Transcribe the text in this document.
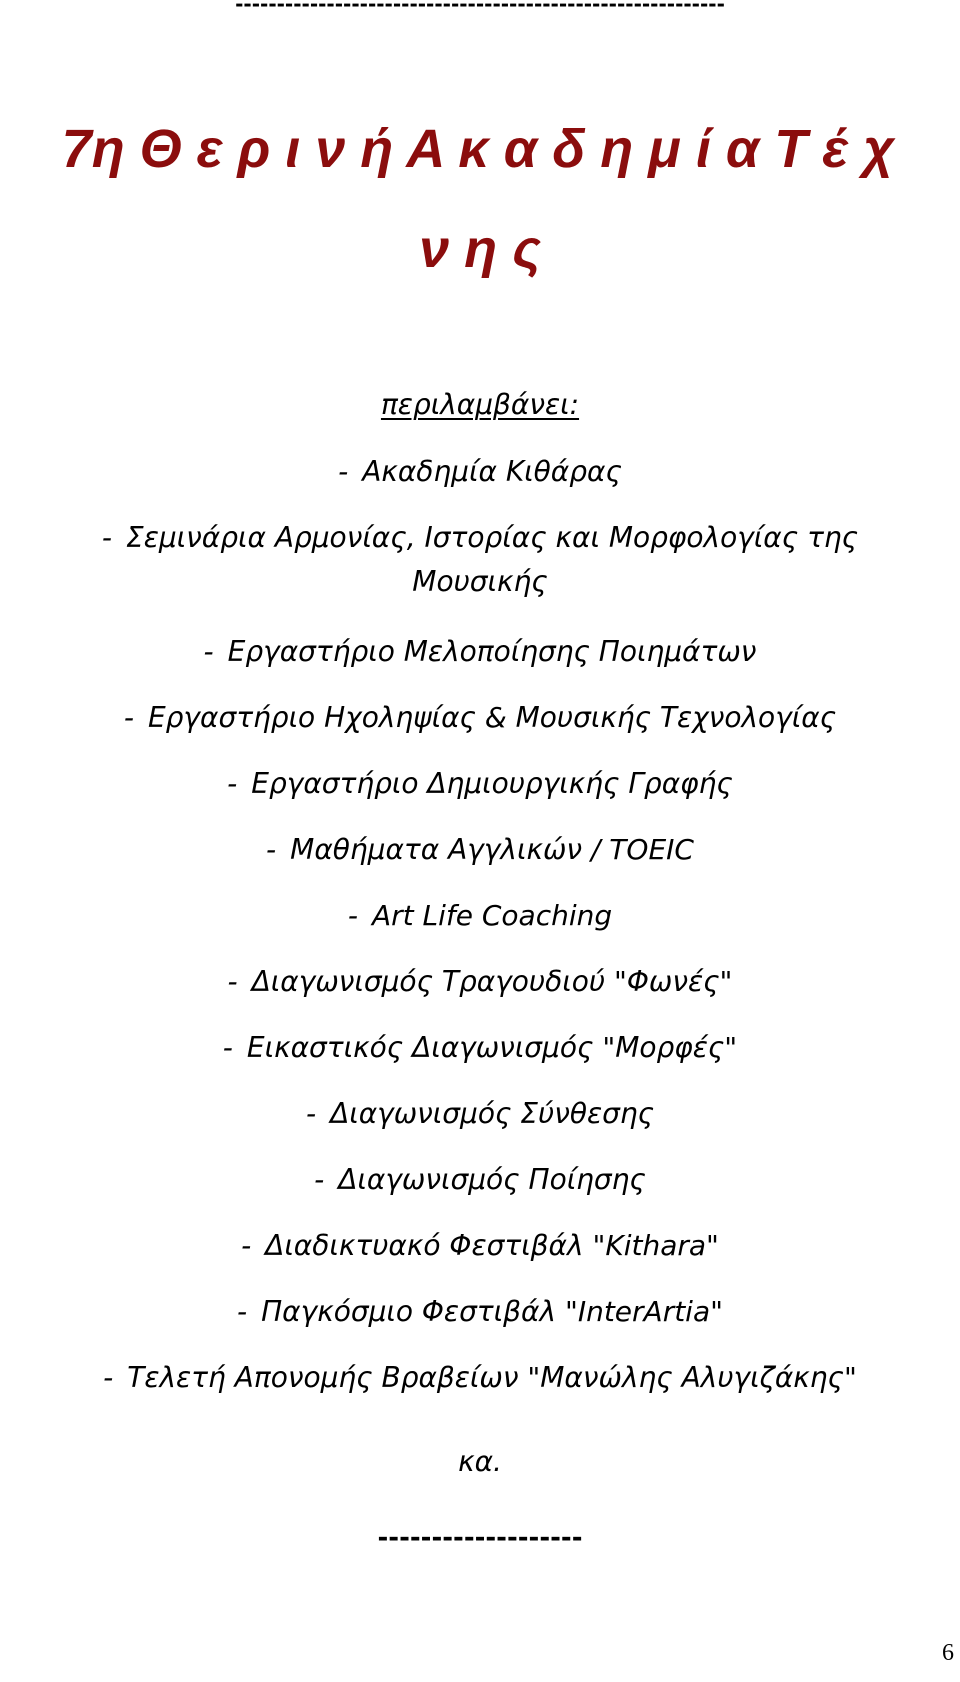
-----------------------------------------------------------
7η Θ ε ρ ι ν ή Α κ α δ η μ ί α Τ έ χ
ν η ς
περιλαμβάνει:
- Ακαδημία Κιθάρας
- Σεμινάρια Αρμονίας, Ιστορίας και Μορφολογίας της
Μουσικής
- Εργαστήριο Μελοποίησης Ποιημάτων
- Εργαστήριο Ηχοληψίας & Μουσικής Τεχνολογίας
- Εργαστήριο Δημιουργικής Γραφής
- Μαθήματα Αγγλικών / TOEIC
- Art Life Coaching
- Διαγωνισμός Τραγουδιού "Φωνές"
- Εικαστικός Διαγωνισμός "Μορφές"
- Διαγωνισμός Σύνθεσης
- Διαγωνισμός Ποίησης
- Διαδικτυακό Φεστιβάλ "Kithara"
- Παγκόσμιο Φεστιβάλ "InterArtia"
- Τελετή Απονομής Βραβείων "Μανώλης Αλυγιζάκης"
κα.
-------------------
6
